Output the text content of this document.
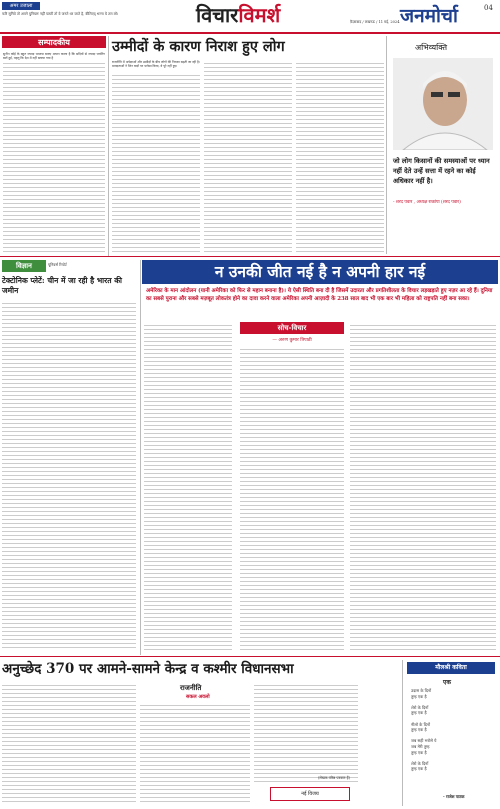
अमर उजाला
फरि सुनिये तो अपने युनियरू नहीं पलटी तो ये जनते थर जाते है, बीलिएद् भरना ये तरा लो।	विचारविमर्श	फ़ैज़ाबाद / लखनऊ / 11 मई, 2024 जनमोर्चा	04
सम्पादकीय	उम्मीदों के कारण निराश हुए लोग	अभिव्यक्ति
जो लोग किसानों की समस्याओं पर ध्यान नहीं देते उन्हें सत्ता में रहने का कोई अधिकार नहीं है।
- शरद पवार , अध्यक्ष राकांपा (शरद पवार)
विज्ञान	यूनिवर्स रिपोर्ट
टेक्टोनिक प्लेटें: चीन में जा रही है भारत की जमीन
न उनकी जीत नई है न अपनी हार नई
अमेरिका के मान आंदोलन (यानी अमेरिका को फिर से महान बनाना है)। ये ऐसी स्थिति बना दी है जिसमें उदारता और प्रगतिशीलता के विचार लड़खड़ाते हुए नज़र आ रहे हैं। दुनिया का सबसे पुराना और सबसे मज़बूत लोकतंत्र होने का दावा करने वाला अमेरिका अपनी आज़ादी के 238 साल बाद भी एक बार भी महिला को राष्ट्रपति नहीं बना सका।
सोच-विचार
— अरुण कुमार त्रिपाठी
अनुच्छेद 370 पर आमने-सामने केन्द्र व कश्मीर विधानसभा
राजनीति
सकल अवलो
नई विजय
(लेखक वरिष्ठ पत्रकार हैं)
मौलश्री कविता
एक
उदास के दिनों
तुम्ह एक है
शेरो के दिनों
तुम्ह एक है
नीलो के दिनों
तुम्ह एक है
जब सही भरोसे ये
जब मेरी तुम्ह
तुम्ह एक है
शेरो के दिनों
तुम्ह एक है
- राजेश पाठक
सुनीन कोई के बहुत ज्यादा भाजपा बताए अधान करता है कि सदियों से ज्यादा प्लानिंग बातें हुई, पहलू कि देश में नहीं बताया गया है
राजनीति में अपेक्षाओं और उम्मीदों के बीच लोगों की निराशा बढ़ती जा रही है। मतदाताओं ने जिन वादों पर भरोसा किया, वे पूरे नहीं हुए।
